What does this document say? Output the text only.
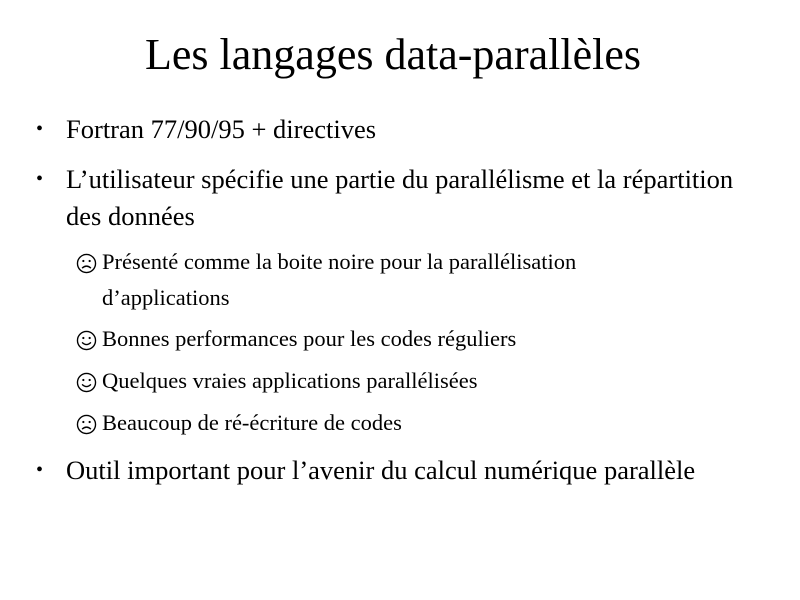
Les langages data-parallèles
• Fortran 77/90/95 + directives
• L’utilisateur spécifie une partie du parallélisme et la répartition des données
Présenté comme la boite noire pour la parallélisation d’applications
Bonnes performances pour les codes réguliers
Quelques vraies applications parallélisées
Beaucoup de ré-écriture de codes
• Outil important pour l’avenir du calcul numérique parallèle
